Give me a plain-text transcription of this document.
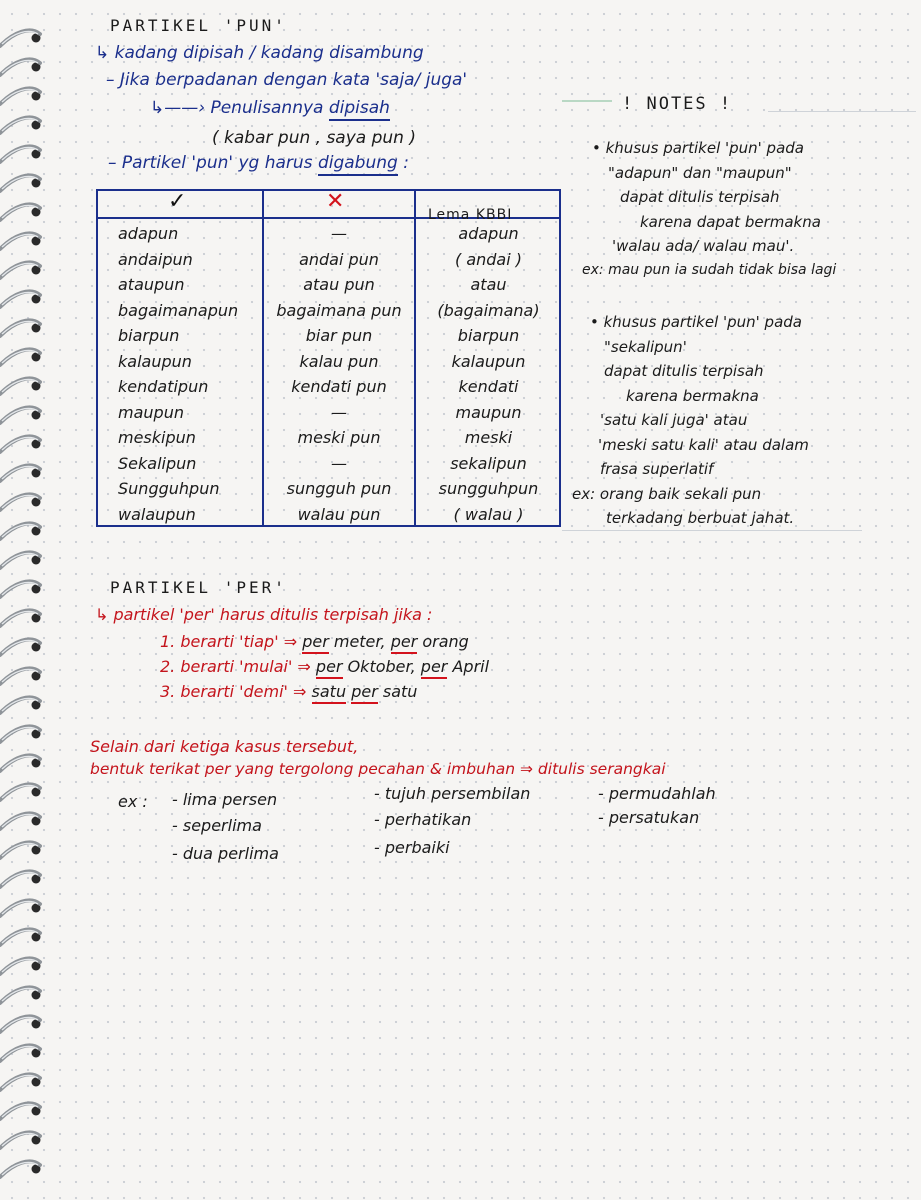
PARTIKEL 'PUN'
↳ kadang dipisah / kadang disambung
– Jika berpadanan dengan kata 'saja/ juga'
↳——› Penulisannya dipisah
( kabar pun , saya pun )
– Partikel 'pun' yg harus digabung :
✓	✕
Lema KBBI
adapun
andaipun
ataupun
bagaimanapun
biarpun
kalaupun
kendatipun
maupun
meskipun
Sekalipun
Sungguhpun
walaupun
—
andai pun
atau pun
bagaimana pun
biar pun
kalau pun
kendati pun
—
meski pun
—
sungguh pun
walau pun
adapun
( andai )
atau
(bagaimana)
biarpun
kalaupun
kendati
maupun
meski
sekalipun
sungguhpun
( walau )
! NOTES !
• khusus partikel 'pun' pada
"adapun" dan "maupun"
dapat ditulis terpisah
karena dapat bermakna
'walau ada/ walau mau'.
ex: mau pun ia sudah tidak bisa lagi
• khusus partikel 'pun' pada
"sekalipun'
dapat ditulis terpisah
karena bermakna
'satu kali juga' atau
'meski satu kali' atau dalam
frasa superlatif
ex: orang baik sekali pun
terkadang berbuat jahat.
PARTIKEL 'PER'
↳ partikel 'per' harus ditulis terpisah jika :
1. berarti 'tiap' ⇒ per meter, per orang
2. berarti 'mulai' ⇒ per Oktober, per April
3. berarti 'demi' ⇒ satu per satu
Selain dari ketiga kasus tersebut,
bentuk terikat per yang tergolong pecahan & imbuhan ⇒ ditulis serangkai
ex : - lima persen
- seperlima
- dua perlima
- tujuh persembilan
- perhatikan
- perbaiki
- permudahlah
- persatukan
